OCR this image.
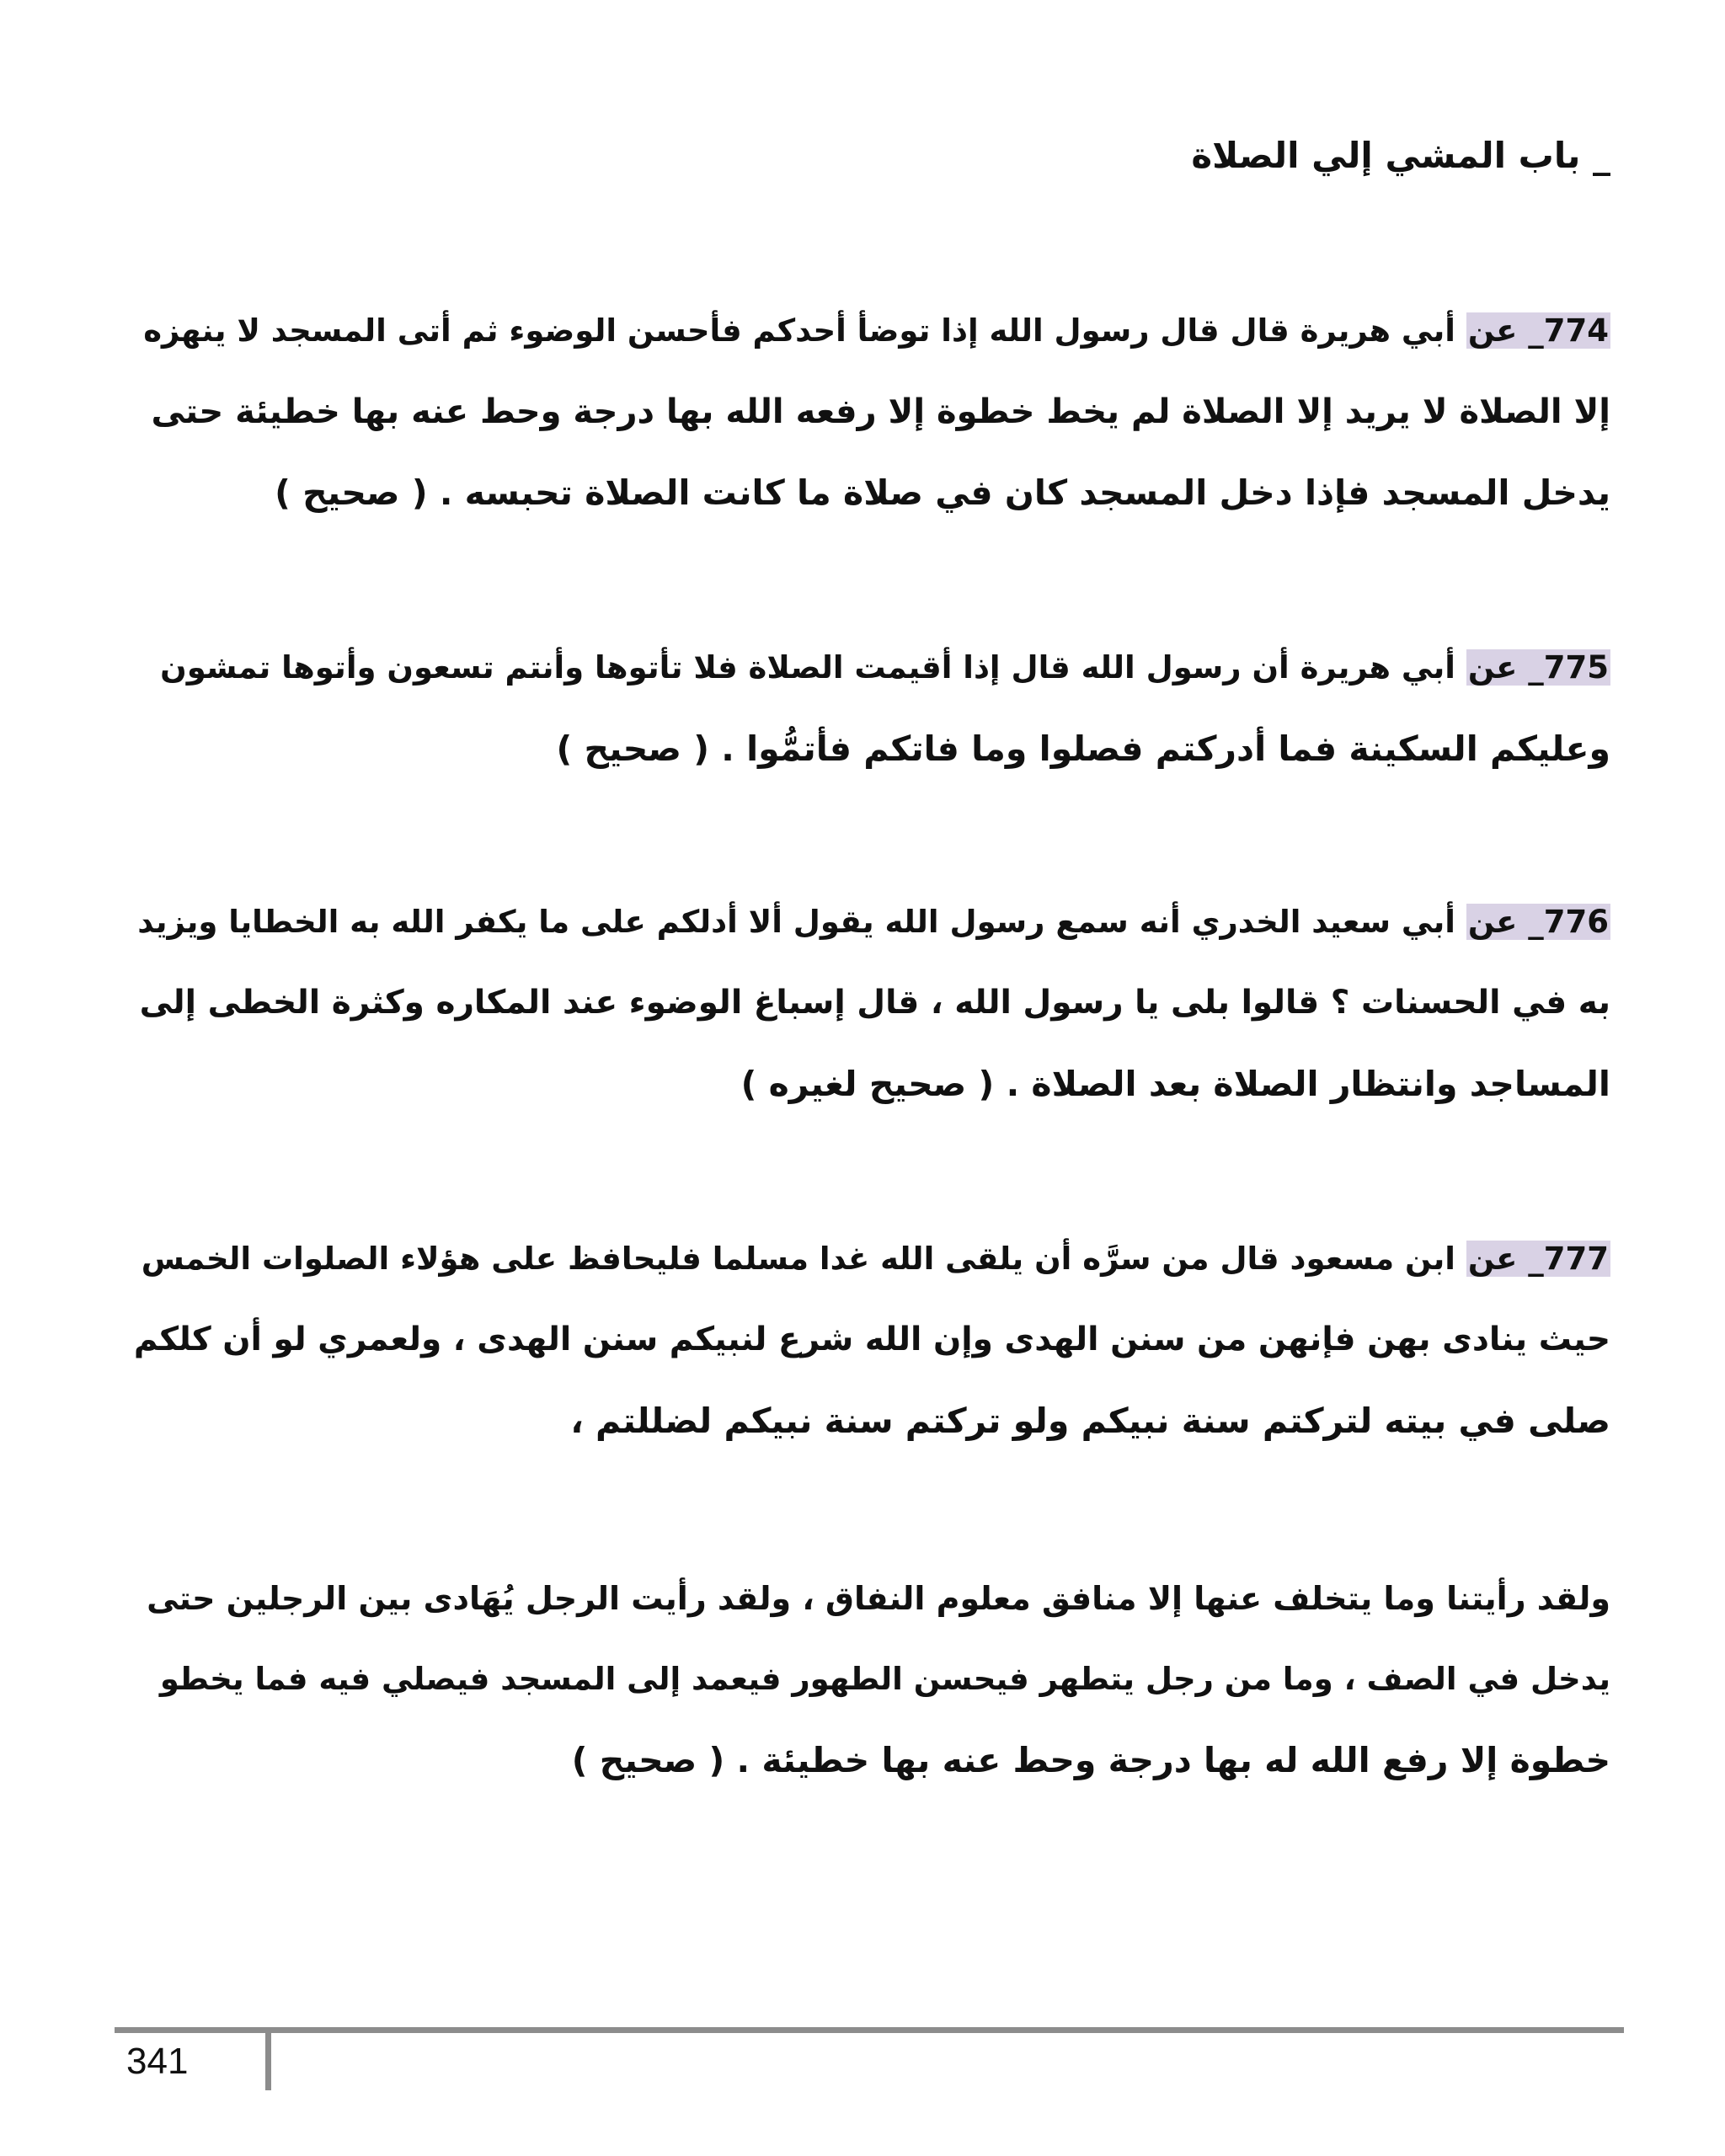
_ باب المشي إلي الصلاة
774_ عن أبي هريرة قال قال رسول الله إذا توضأ أحدكم فأحسن الوضوء ثم أتى المسجد لا ينهزه
إلا الصلاة لا يريد إلا الصلاة لم يخط خطوة إلا رفعه الله بها درجة وحط عنه بها خطيئة حتى
يدخل المسجد فإذا دخل المسجد كان في صلاة ما كانت الصلاة تحبسه . ( صحيح )
775_ عن أبي هريرة أن رسول الله قال إذا أقيمت الصلاة فلا تأتوها وأنتم تسعون وأتوها تمشون
وعليكم السكينة فما أدركتم فصلوا وما فاتكم فأتمُّوا . ( صحيح )
776_ عن أبي سعيد الخدري أنه سمع رسول الله يقول ألا أدلكم على ما يكفر الله به الخطايا ويزيد
به في الحسنات ؟ قالوا بلى يا رسول الله ، قال إسباغ الوضوء عند المكاره وكثرة الخطى إلى
المساجد وانتظار الصلاة بعد الصلاة . ( صحيح لغيره )
777_ عن ابن مسعود قال من سرَّه أن يلقى الله غدا مسلما فليحافظ على هؤلاء الصلوات الخمس
حيث ينادى بهن فإنهن من سنن الهدى وإن الله شرع لنبيكم سنن الهدى ، ولعمري لو أن كلكم
صلى في بيته لتركتم سنة نبيكم ولو تركتم سنة نبيكم لضللتم ،
ولقد رأيتنا وما يتخلف عنها إلا منافق معلوم النفاق ، ولقد رأيت الرجل يُهَادى بين الرجلين حتى
يدخل في الصف ، وما من رجل يتطهر فيحسن الطهور فيعمد إلى المسجد فيصلي فيه فما يخطو
خطوة إلا رفع الله له بها درجة وحط عنه بها خطيئة . ( صحيح )
341
